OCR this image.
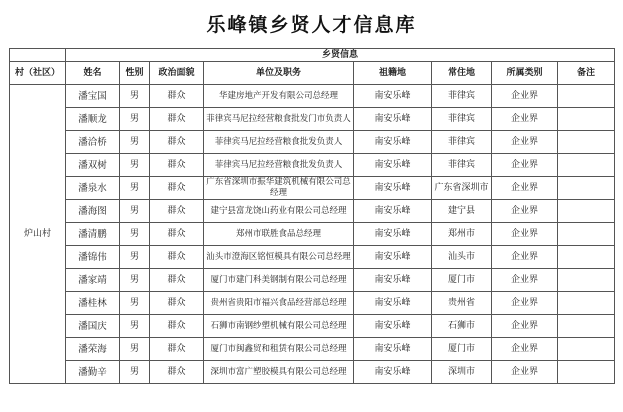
乐峰镇乡贤人才信息库
	乡贤信息							
村（社区）	姓名	性别	政治面貌	单位及职务	祖籍地	常住地	所属类别	备注
炉山村	潘宝国	男	群众	华建房地产开发有限公司总经理	南安乐峰	菲律宾	企业界	
	潘顺龙	男	群众	菲律宾马尼拉经营粮食批发门市负责人	南安乐峰	菲律宾	企业界	
	潘洽桥	男	群众	菲律宾马尼拉经营粮食批发负责人	南安乐峰	菲律宾	企业界	
	潘双树	男	群众	菲律宾马尼拉经营粮食批发负责人	南安乐峰	菲律宾	企业界	
	潘泉水	男	群众	广东省深圳市振华建筑机械有限公司总经理	南安乐峰	广东省深圳市	企业界	
	潘海图	男	群众	建宁县富龙饶山药业有限公司总经理	南安乐峰	建宁县	企业界	
	潘清鹏	男	群众	郑州市联胜食品总经理	南安乐峰	郑州市	企业界	
	潘锦伟	男	群众	汕头市澄海区铭恒模具有限公司总经理	南安乐峰	汕头市	企业界	
	潘家靖	男	群众	厦门市建门科美钢制有限公司总经理	南安乐峰	厦门市	企业界	
	潘桂林	男	群众	贵州省贵阳市福兴食品经营部总经理	南安乐峰	贵州省	企业界	
	潘国庆	男	群众	石狮市南钢纱塑机械有限公司总经理	南安乐峰	石狮市	企业界	
	潘荣海	男	群众	厦门市闽鑫贸和租赁有限公司总经理	南安乐峰	厦门市	企业界	
	潘勤辛	男	群众	深圳市富广塑胶模具有限公司总经理	南安乐峰	深圳市	企业界	
